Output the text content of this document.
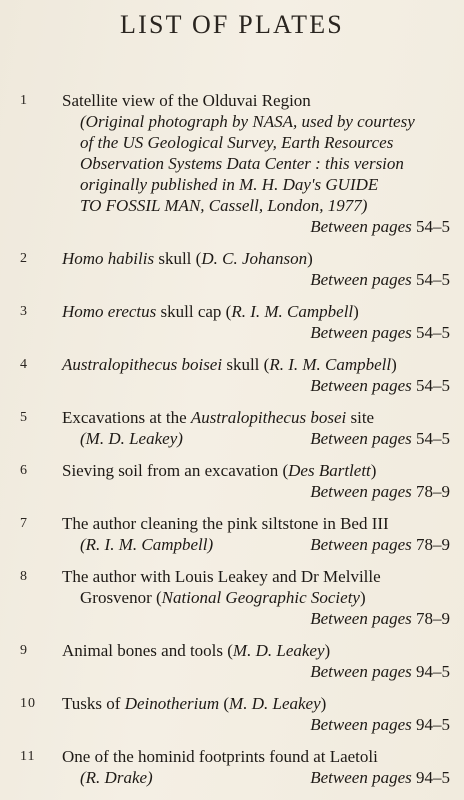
LIST OF PLATES
1	Satellite view of the Olduvai Region
(Original photograph by NASA, used by courtesy
of the US Geological Survey, Earth Resources
Observation Systems Data Center : this version
originally published in M. H. Day's GUIDE
TO FOSSIL MAN, Cassell, London, 1977)
Between pages 54–5
2	Homo habilis skull (D. C. Johanson)
Between pages 54–5
3	Homo erectus skull cap (R. I. M. Campbell)
Between pages 54–5
4	Australopithecus boisei skull (R. I. M. Campbell)
Between pages 54–5
5	Excavations at the Australopithecus bosei site
(M. D. Leakey)	Between pages 54–5
6	Sieving soil from an excavation (Des Bartlett)
Between pages 78–9
7	The author cleaning the pink siltstone in Bed III
(R. I. M. Campbell)	Between pages 78–9
8	The author with Louis Leakey and Dr Melville
Grosvenor (National Geographic Society)
Between pages 78–9
9	Animal bones and tools (M. D. Leakey)
Between pages 94–5
10	Tusks of Deinotherium (M. D. Leakey)
Between pages 94–5
11	One of the hominid footprints found at Laetoli
(R. Drake)	Between pages 94–5
